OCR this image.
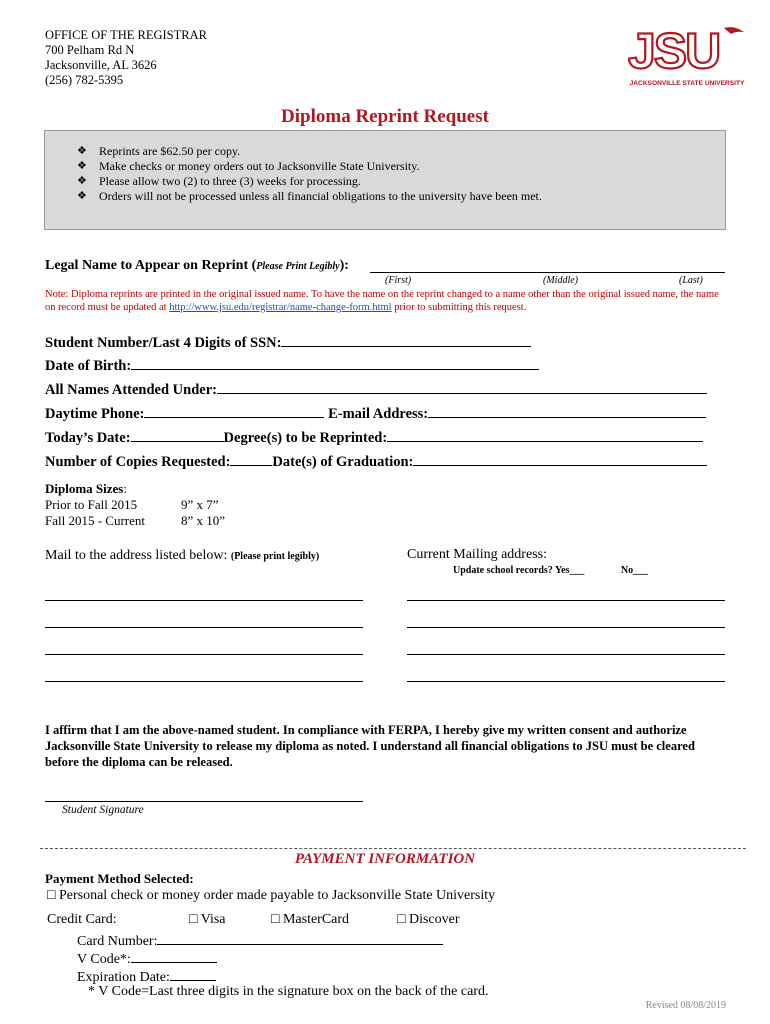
OFFICE OF THE REGISTRAR
700 Pelham Rd N
Jacksonville, AL 3626
(256) 782-5395
JSU
JACKSONVILLE STATE UNIVERSITY
Diploma Reprint Request
❖ Reprints are $62.50 per copy.
❖ Make checks or money orders out to Jacksonville State University.
❖ Please allow two (2) to three (3) weeks for processing.
❖ Orders will not be processed unless all financial obligations to the university have been met.
Legal Name to Appear on Reprint (Please Print Legibly):
(First)	(Middle)	(Last)
Note: Diploma reprints are printed in the original issued name. To have the name on the reprint changed to a name other than the original issued name, the name on record must be updated at http://www.jsu.edu/registrar/name-change-form.html prior to submitting this request.
Student Number/Last 4 Digits of SSN:
Date of Birth:
All Names Attended Under:
Daytime Phone:	E-mail Address:
Today’s Date:	Degree(s) to be Reprinted:
Number of Copies Requested:	Date(s) of Graduation:
Diploma Sizes:
Prior to Fall 2015	9” x 7”
Fall 2015 - Current	8” x 10”
Mail to the address listed below: (Please print legibly)	Current Mailing address:
Update school records? Yes___	No___
I affirm that I am the above-named student. In compliance with FERPA, I hereby give my written consent and authorize Jacksonville State University to release my diploma as noted. I understand all financial obligations to JSU must be cleared before the diploma can be released.
Student Signature
PAYMENT INFORMATION
Payment Method Selected:
□ Personal check or money order made payable to Jacksonville State University
Credit Card:	□ Visa	□ MasterCard	□ Discover
Card Number:
V Code*:
Expiration Date:
* V Code=Last three digits in the signature box on the back of the card.
Revised 08/08/2019
